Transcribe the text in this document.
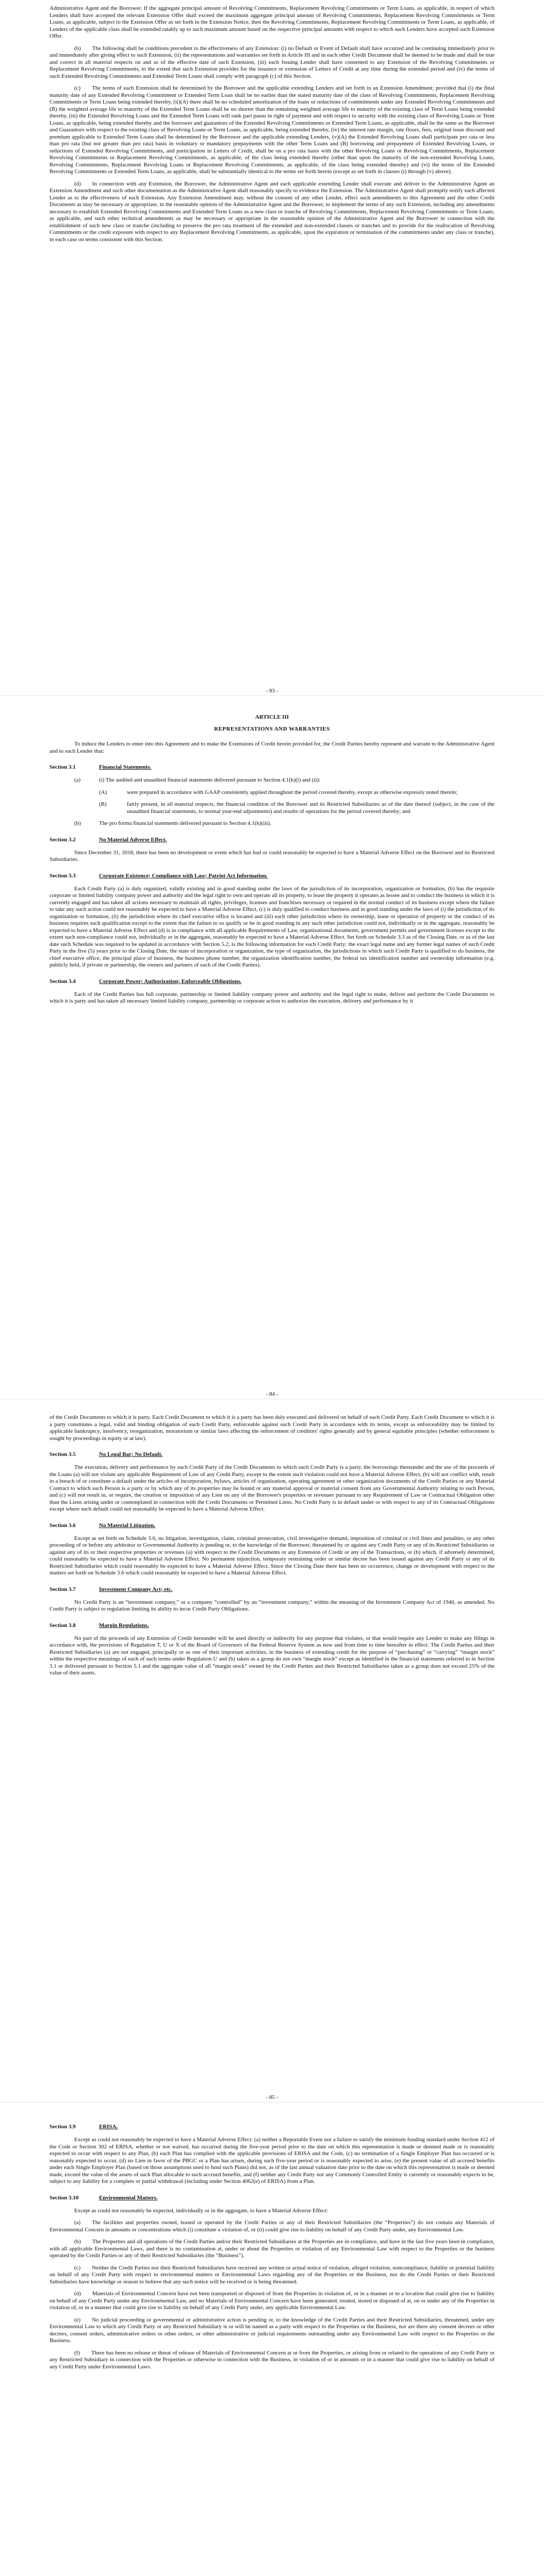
Administrative Agent and the Borrower. If the aggregate principal amount of Revolving Commitments, Replacement Revolving Commitments or Term Loans, as applicable, in respect of which Lenders shall have accepted the relevant Extension Offer shall exceed the maximum aggregate principal amount of Revolving Commitments, Replacement Revolving Commitments or Term Loans, as applicable, subject to the Extension Offer as set forth in the Extension Notice, then the Revolving Commitments, Replacement Revolving Commitments or Term Loans, as applicable, of Lenders of the applicable class shall be extended ratably up to such maximum amount based on the respective principal amounts with respect to which such Lenders have accepted such Extension Offer.

(b)  The following shall be conditions precedent to the effectiveness of any Extension: (i) no Default or Event of Default shall have occurred and be continuing immediately prior to and immediately after giving effect to such Extension, (ii) the representations and warranties set forth in Article III and in each other Credit Document shall be deemed to be made and shall be true and correct in all material respects on and as of the effective date of such Extension, (iii) each Issuing Lender shall have consented to any Extension of the Revolving Commitments or Replacement Revolving Commitments, to the extent that such Extension provides for the issuance or extension of Letters of Credit at any time during the extended period and (iv) the terms of such Extended Revolving Commitments and Extended Term Loans shall comply with paragraph (c) of this Section.

(c)  The terms of each Extension shall be determined by the Borrower and the applicable extending Lenders and set forth in an Extension Amendment; provided that (i) the final maturity date of any Extended Revolving Commitment or Extended Term Loan shall be no earlier than the stated maturity date of the class of Revolving Commitments, Replacement Revolving Commitments or Term Loans being extended thereby, (ii)(A) there shall be no scheduled amortization of the loans or reductions of commitments under any Extended Revolving Commitments and (B) the weighted average life to maturity of the Extended Term Loans shall be no shorter than the remaining weighted average life to maturity of the existing class of Term Loans being extended thereby, (iii) the Extended Revolving Loans and the Extended Term Loans will rank pari passu in right of payment and with respect to security with the existing class of Revolving Loans or Term Loans, as applicable, being extended thereby and the borrower and guarantors of the Extended Revolving Commitments or Extended Term Loans, as applicable, shall be the same as the Borrower and Guarantors with respect to the existing class of Revolving Loans or Term Loans, as applicable, being extended thereby, (iv) the interest rate margin, rate floors, fees, original issue discount and premium applicable to Extended Term Loans shall be determined by the Borrower and the applicable extending Lenders, (v)(A) the Extended Revolving Loans shall participate pro rata or less than pro rata (but not greater than pro rata) basis in voluntary or mandatory prepayments with the other Term Loans and (B) borrowing and prepayment of Extended Revolving Loans, or reductions of Extended Revolving Commitments, and participation in Letters of Credit, shall be on a pro rata basis with the other Revolving Loans or Revolving Commitments, Replacement Revolving Commitments or Replacement Revolving Commitments, as applicable, of the class being extended thereby (other than upon the maturity of the non-extended Revolving Loans, Revolving Commitments, Replacement Revolving Loans or Replacement Revolving Commitments, as applicable, of the class being extended thereby) and (vi) the terms of the Extended Revolving Commitments or Extended Term Loans, as applicable, shall be substantially identical to the terms set forth herein (except as set forth in clauses (i) through (v) above).

(d)  In connection with any Extension, the Borrower, the Administrative Agent and each applicable extending Lender shall execute and deliver to the Administrative Agent an Extension Amendment and such other documentation as the Administrative Agent shall reasonably specify to evidence the Extension. The Administrative Agent shall promptly notify each affected Lender as to the effectiveness of each Extension. Any Extension Amendment may, without the consent of any other Lender, effect such amendments to this Agreement and the other Credit Documents as may be necessary or appropriate, in the reasonable opinion of the Administrative Agent and the Borrower, to implement the terms of any such Extension, including any amendments necessary to establish Extended Revolving Commitments and Extended Term Loans as a new class or tranche of Revolving Commitments, Replacement Revolving Commitments or Term Loans, as applicable, and such other technical amendments as may be necessary or appropriate in the reasonable opinion of the Administrative Agent and the Borrower in connection with the establishment of such new class or tranche (including to preserve the pro rata treatment of the extended and non-extended classes or tranches and to provide for the reallocation of Revolving Commitments or the credit exposure with respect to any Replacement Revolving Commitments, as applicable, upon the expiration or termination of the commitments under any class or tranche), in each case on terms consistent with this Section.

- 83 -
ARTICLE III
REPRESENTATIONS AND WARRANTIES

To induce the Lenders to enter into this Agreement and to make the Extensions of Credit herein provided for, the Credit Parties hereby represent and warrant to the Administrative Agent and to each Lender that:

Section 3.1	Financial Statements.
(a)	(i) The audited and unaudited financial statements delivered pursuant to Section 4.1(k)(i) and (ii):
(A)	were prepared in accordance with GAAP consistently applied throughout the period covered thereby, except as otherwise expressly noted therein;
(B)	fairly present, in all material respects, the financial condition of the Borrower and its Restricted Subsidiaries as of the date thereof (subject, in the case of the unaudited financial statements, to normal year-end adjustments) and results of operations for the period covered thereby; and
(b)	The pro forma financial statements delivered pursuant to Section 4.1(k)(iii).
Section 3.2	No Material Adverse Effect.

Since December 31, 2018, there has been no development or event which has had or could reasonably be expected to have a Material Adverse Effect on the Borrower and its Restricted Subsidiaries.

Section 3.3	Corporate Existence; Compliance with Law; Patriot Act Information.

Each Credit Party (a) is duly organized, validly existing and in good standing under the laws of the jurisdiction of its incorporation, organization or formation, (b) has the requisite corporate or limited liability company power and authority and the legal right to own and operate all its property, to lease the property it operates as lessee and to conduct the business in which it is currently engaged and has taken all actions necessary to maintain all rights, privileges, licenses and franchises necessary or required in the normal conduct of its business except where the failure to take any such action could not reasonably be expected to have a Material Adverse Effect, (c) is duly qualified to conduct business and in good standing under the laws of (i) the jurisdiction of its organization or formation, (ii) the jurisdiction where its chief executive office is located and (iii) each other jurisdiction where its ownership, lease or operation of property or the conduct of its business requires such qualification except to the extent that the failure to so qualify or be in good standing in any such other jurisdiction could not, individually or in the aggregate, reasonably be expected to have a Material Adverse Effect and (d) is in compliance with all applicable Requirements of Law, organizational documents, government permits and government licenses except to the extent such non-compliance could not, individually or in the aggregate, reasonably be expected to have a Material Adverse Effect. Set forth on Schedule 3.3 as of the Closing Date, or as of the last date such Schedule was required to be updated in accordance with Section 5.2, is the following information for each Credit Party: the exact legal name and any former legal names of such Credit Party in the five (5) years prior to the Closing Date, the state of incorporation or organization, the type of organization, the jurisdictions in which such Credit Party is qualified to do business, the chief executive office, the principal place of business, the business phone number, the organization identification number, the federal tax identification number and ownership information (e.g. publicly held, if private or partnership, the owners and partners of each of the Credit Parties).

Section 3.4	Corporate Power; Authorization; Enforceable Obligations.

Each of the Credit Parties has full corporate, partnership or limited liability company power and authority and the legal right to make, deliver and perform the Credit Documents to which it is party and has taken all necessary limited liability company, partnership or corporate action to authorize the execution, delivery and performance by it

- 84 -

of the Credit Documents to which it is party. Each Credit Document to which it is a party has been duly executed and delivered on behalf of each Credit Party. Each Credit Document to which it is a party constitutes a legal, valid and binding obligation of each Credit Party, enforceable against such Credit Party in accordance with its terms, except as enforceability may be limited by applicable bankruptcy, insolvency, reorganization, moratorium or similar laws affecting the enforcement of creditors' rights generally and by general equitable principles (whether enforcement is sought by proceedings in equity or at law).

Section 3.5	No Legal Bar; No Default.

The execution, delivery and performance by each Credit Party of the Credit Documents to which such Credit Party is a party, the borrowings thereunder and the use of the proceeds of the Loans (a) will not violate any applicable Requirement of Law of any Credit Party, except to the extent such violation could not have a Material Adverse Effect, (b) will not conflict with, result in a breach of or constitute a default under the articles of incorporation, bylaws, articles of organization, operating agreement or other organization documents of the Credit Parties or any Material Contract to which such Person is a party or by which any of its properties may be bound or any material approval or material consent from any Governmental Authority relating to such Person, and (c) will not result in, or require, the creation or imposition of any Lien on any of the Borrower's properties or revenues pursuant to any Requirement of Law or Contractual Obligation other than the Liens arising under or contemplated in connection with the Credit Documents or Permitted Liens. No Credit Party is in default under or with respect to any of its Contractual Obligations except where such default could not reasonably be expected to have a Material Adverse Effect.

Section 3.6	No Material Litigation.

Except as set forth on Schedule 3.6, no litigation, investigation, claim, criminal prosecution, civil investigative demand, imposition of criminal or civil fines and penalties, or any other proceeding of or before any arbitrator or Governmental Authority is pending or, to the knowledge of the Borrower, threatened by or against any Credit Party or any of its Restricted Subsidiaries or against any of its or their respective properties or revenues (a) with respect to the Credit Documents or any Extension of Credit or any of the Transactions, or (b) which, if adversely determined, could reasonably be expected to have a Material Adverse Effect. No permanent injunction, temporary restraining order or similar decree has been issued against any Credit Party or any of its Restricted Subsidiaries which could reasonably be expected to have a Material Adverse Effect. Since the Closing Date there has been no occurrence, change or development with respect to the matters set forth on Schedule 3.6 which could reasonably be expected to have a Material Adverse Effect.

Section 3.7	Investment Company Act; etc.

No Credit Party is an “investment company,” or a company “controlled” by an “investment company,” within the meaning of the Investment Company Act of 1940, as amended. No Credit Party is subject to regulation limiting its ability to incur Credit Party Obligations.

Section 3.8	Margin Regulations.

No part of the proceeds of any Extension of Credit hereunder will be used directly or indirectly for any purpose that violates, or that would require any Lender to make any filings in accordance with, the provisions of Regulation T, U or X of the Board of Governors of the Federal Reserve System as now and from time to time hereafter in effect. The Credit Parties and their Restricted Subsidiaries (a) are not engaged, principally or as one of their important activities, in the business of extending credit for the purpose of “purchasing” or “carrying” “margin stock” within the respective meanings of each of such terms under Regulation U and (b) taken as a group do not own “margin stock” except as identified in the financial statements referred to in Section 3.1 or delivered pursuant to Section 5.1 and the aggregate value of all “margin stock” owned by the Credit Parties and their Restricted Subsidiaries taken as a group does not exceed 25% of the value of their assets.

- 85 -
Section 3.9	ERISA.

Except as could not reasonably be expected to have a Material Adverse Effect: (a) neither a Reportable Event nor a failure to satisfy the minimum funding standard under Section 412 of the Code or Section 302 of ERISA, whether or not waived, has occurred during the five-year period prior to the date on which this representation is made or deemed made or is reasonably expected to occur with respect to any Plan, (b) each Plan has complied with the applicable provisions of ERISA and the Code, (c) no termination of a Single Employer Plan has occurred or is reasonably expected to occur, (d) no Lien in favor of the PBGC or a Plan has arisen, during such five-year period or is reasonably expected to arise, (e) the present value of all accrued benefits under each Single Employer Plan (based on those assumptions used to fund such Plans) did not, as of the last annual valuation date prior to the date on which this representation is made or deemed made, exceed the value of the assets of such Plan allocable to such accrued benefits, and (f) neither any Credit Party nor any Commonly Controlled Entity is currently or reasonably expects to be, subject to any liability for a complete or partial withdrawal (including under Section 4062(e) of ERISA) from a Plan.

Section 3.10	Environmental Matters.

Except as could not reasonably be expected, individually or in the aggregate, to have a Material Adverse Effect:

(a)  The facilities and properties owned, leased or operated by the Credit Parties or any of their Restricted Subsidiaries (the “Properties”) do not contain any Materials of Environmental Concern in amounts or concentrations which (i) constitute a violation of, or (ii) could give rise to liability on behalf of any Credit Party under, any Environmental Law.

(b)  The Properties and all operations of the Credit Parties and/or their Restricted Subsidiaries at the Properties are in compliance, and have in the last five years been in compliance, with all applicable Environmental Laws, and there is no contamination at, under or about the Properties or violation of any Environmental Law with respect to the Properties or the business operated by the Credit Parties or any of their Restricted Subsidiaries (the “Business”).

(c)  Neither the Credit Parties nor their Restricted Subsidiaries have received any written or actual notice of violation, alleged violation, noncompliance, liability or potential liability on behalf of any Credit Party with respect to environmental matters or Environmental Laws regarding any of the Properties or the Business, nor do the Credit Parties or their Restricted Subsidiaries have knowledge or reason to believe that any such notice will be received or is being threatened.

(d)  Materials of Environmental Concern have not been transported or disposed of from the Properties in violation of, or in a manner or to a location that could give rise to liability on behalf of any Credit Party under any Environmental Law, and no Materials of Environmental Concern have been generated, treated, stored or disposed of at, on or under any of the Properties in violation of, or in a manner that could give rise to liability on behalf of any Credit Party under, any applicable Environmental Law.

(e)  No judicial proceeding or governmental or administrative action is pending or, to the knowledge of the Credit Parties and their Restricted Subsidiaries, threatened, under any Environmental Law to which any Credit Party or any Restricted Subsidiary is or will be named as a party with respect to the Properties or the Business, nor are there any consent decrees or other decrees, consent orders, administrative orders or other orders, or other administrative or judicial requirements outstanding under any Environmental Law with respect to the Properties or the Business.

(f)  There has been no release or threat of release of Materials of Environmental Concern at or from the Properties, or arising from or related to the operations of any Credit Party or any Restricted Subsidiary in connection with the Properties or otherwise in connection with the Business, in violation of or in amounts or in a manner that could give rise to liability on behalf of any Credit Party under Environmental Laws.
